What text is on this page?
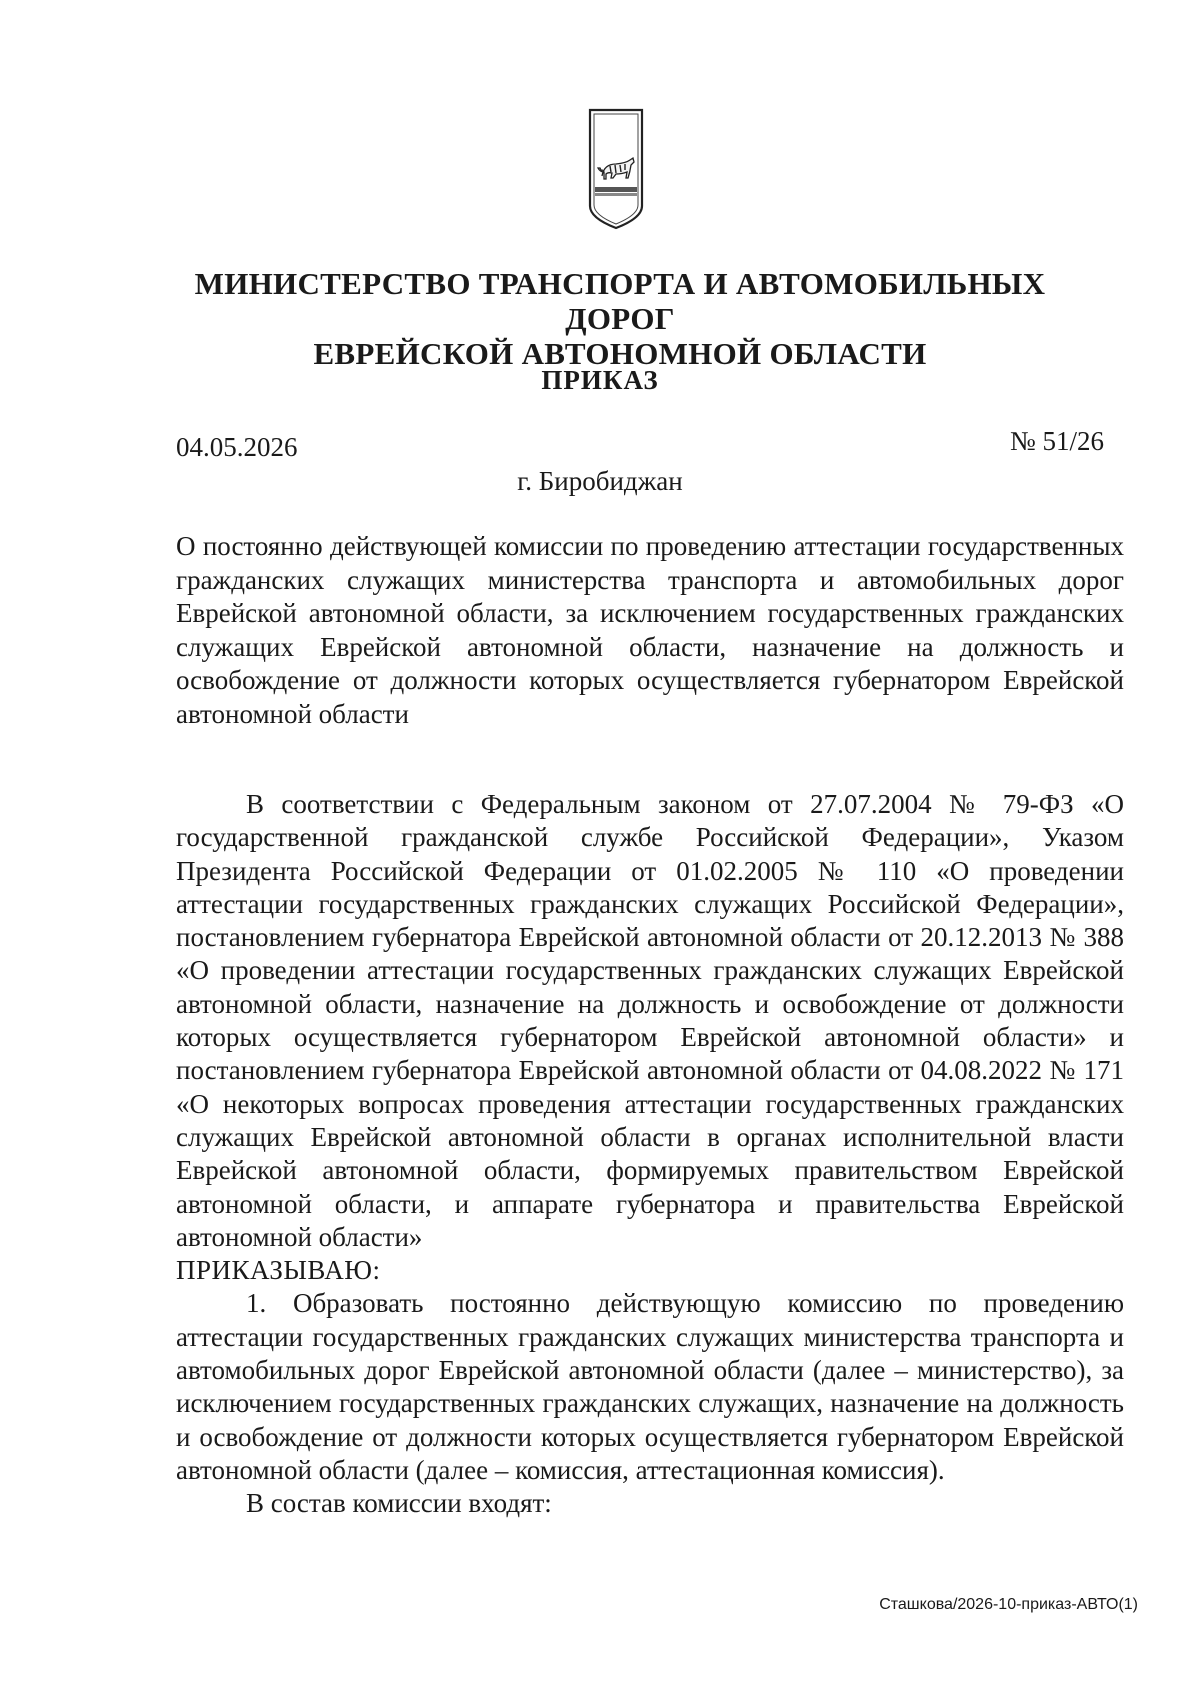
МИНИСТЕРСТВО ТРАНСПОРТА И АВТОМОБИЛЬНЫХ ДОРОГ
ЕВРЕЙСКОЙ АВТОНОМНОЙ ОБЛАСТИ
ПРИКАЗ
04.05.2026	№ 51/26
г. Биробиджан
О постоянно действующей комиссии по проведению аттестации государственных гражданских служащих министерства транспорта и автомобильных дорог Еврейской автономной области, за исключением государственных гражданских служащих Еврейской автономной области, назначение на должность и освобождение от должности которых осуществляется губернатором Еврейской автономной области

В соответствии с Федеральным законом от 27.07.2004 № 79-ФЗ «О государственной гражданской службе Российской Федерации», Указом Президента Российской Федерации от 01.02.2005 № 110 «О проведении аттестации государственных гражданских служащих Российской Федерации», постановлением губернатора Еврейской автономной области от 20.12.2013 № 388 «О проведении аттестации государственных гражданских служащих Еврейской автономной области, назначение на должность и освобождение от должности которых осуществляется губернатором Еврейской автономной области» и постановлением губернатора Еврейской автономной области от 04.08.2022 № 171 «О некоторых вопросах проведения аттестации государственных гражданских служащих Еврейской автономной области в органах исполнительной власти Еврейской автономной области, формируемых правительством Еврейской автономной области, и аппарате губернатора и правительства Еврейской автономной области»

ПРИКАЗЫВАЮ:

1. Образовать постоянно действующую комиссию по проведению аттестации государственных гражданских служащих министерства транспорта и автомобильных дорог Еврейской автономной области (далее – министерство), за исключением государственных гражданских служащих, назначение на должность и освобождение от должности которых осуществляется губернатором Еврейской автономной области (далее – комиссия, аттестационная комиссия).

В состав комиссии входят:

Сташкова/2026-10-приказ-АВТО(1)
